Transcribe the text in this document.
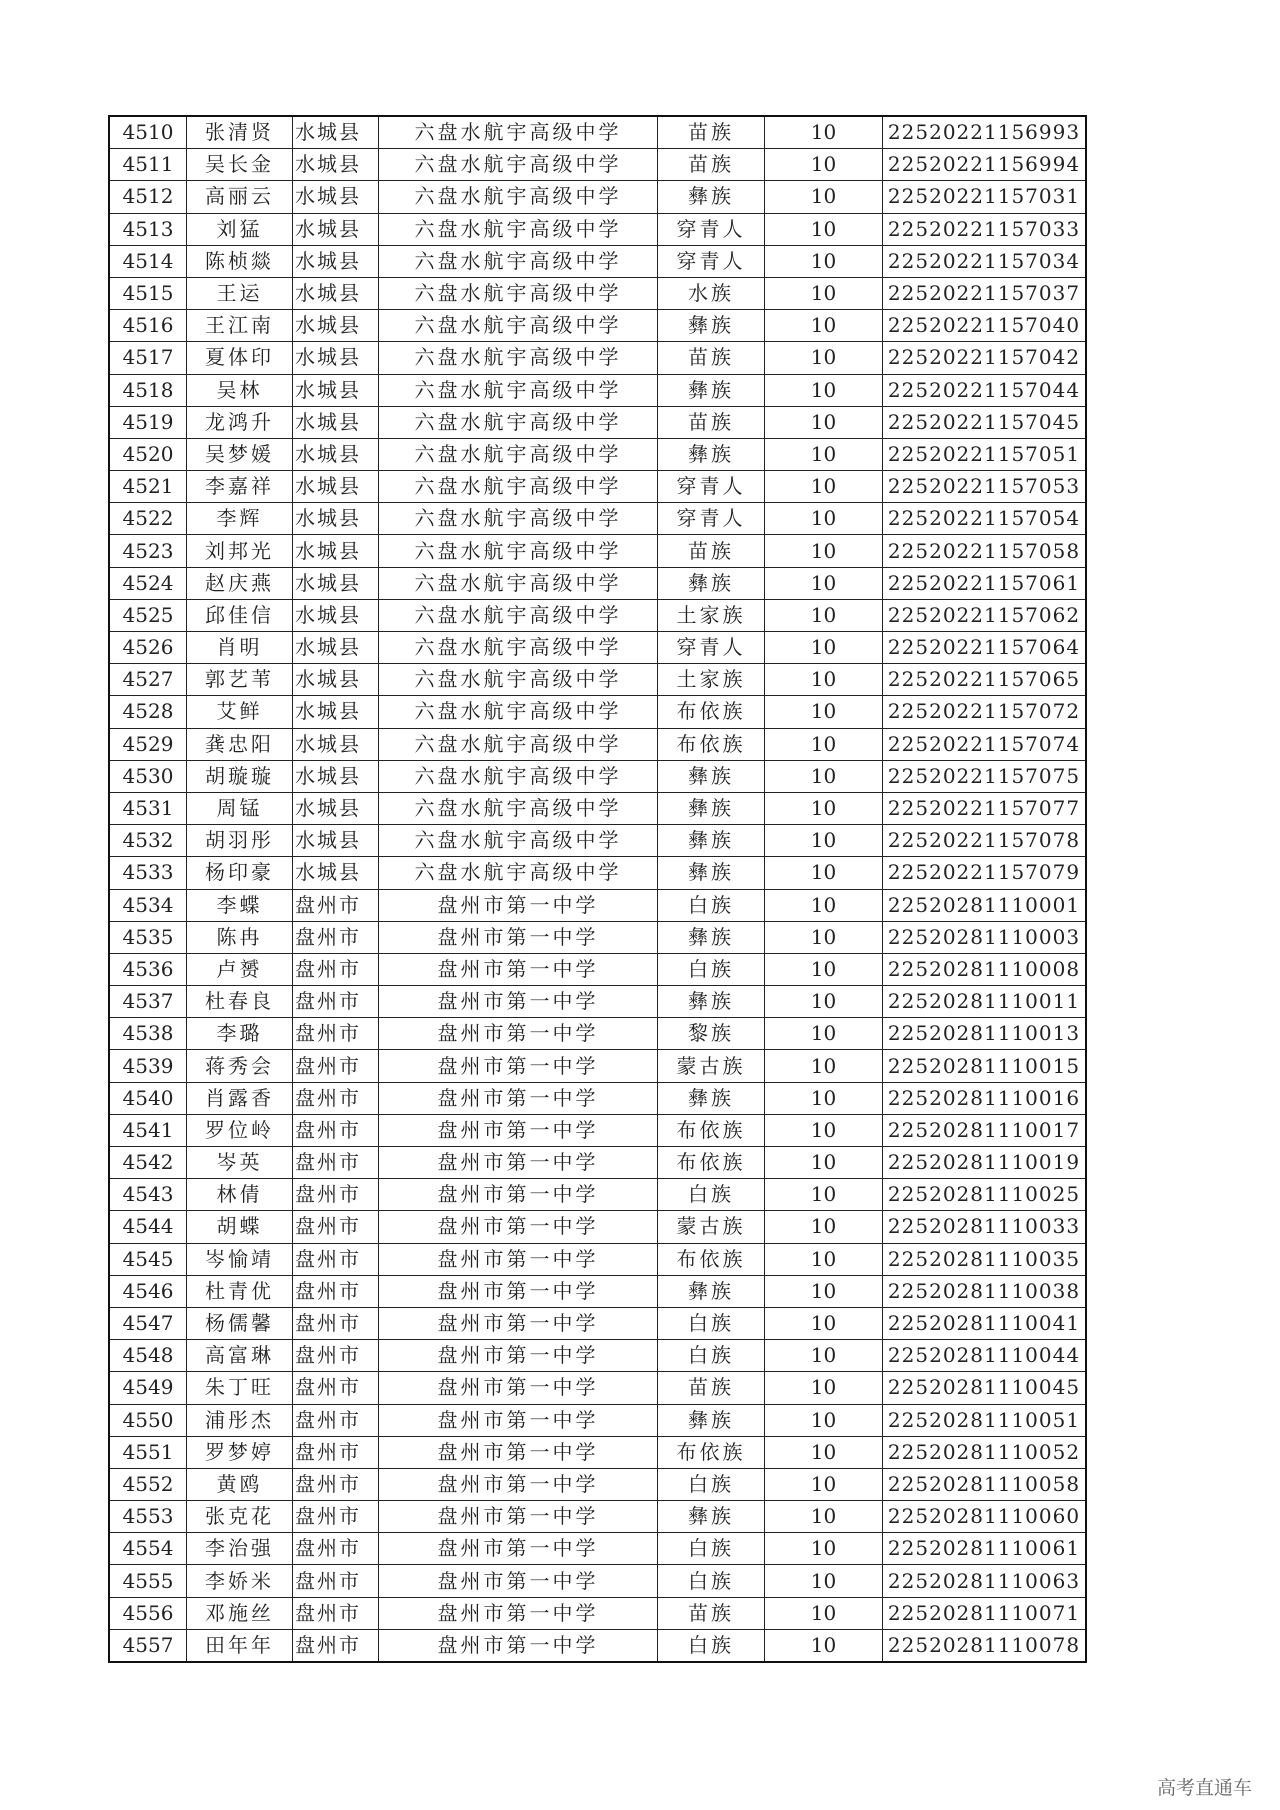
4510	张清贤	水城县	六盘水航宇高级中学	苗族	10	22520221156993
4511	吴长金	水城县	六盘水航宇高级中学	苗族	10	22520221156994
4512	高丽云	水城县	六盘水航宇高级中学	彝族	10	22520221157031
4513	刘猛	水城县	六盘水航宇高级中学	穿青人	10	22520221157033
4514	陈桢燚	水城县	六盘水航宇高级中学	穿青人	10	22520221157034
4515	王运	水城县	六盘水航宇高级中学	水族	10	22520221157037
4516	王江南	水城县	六盘水航宇高级中学	彝族	10	22520221157040
4517	夏体印	水城县	六盘水航宇高级中学	苗族	10	22520221157042
4518	吴林	水城县	六盘水航宇高级中学	彝族	10	22520221157044
4519	龙鸿升	水城县	六盘水航宇高级中学	苗族	10	22520221157045
4520	吴梦媛	水城县	六盘水航宇高级中学	彝族	10	22520221157051
4521	李嘉祥	水城县	六盘水航宇高级中学	穿青人	10	22520221157053
4522	李辉	水城县	六盘水航宇高级中学	穿青人	10	22520221157054
4523	刘邦光	水城县	六盘水航宇高级中学	苗族	10	22520221157058
4524	赵庆燕	水城县	六盘水航宇高级中学	彝族	10	22520221157061
4525	邱佳信	水城县	六盘水航宇高级中学	土家族	10	22520221157062
4526	肖明	水城县	六盘水航宇高级中学	穿青人	10	22520221157064
4527	郭艺苇	水城县	六盘水航宇高级中学	土家族	10	22520221157065
4528	艾鲜	水城县	六盘水航宇高级中学	布依族	10	22520221157072
4529	龚忠阳	水城县	六盘水航宇高级中学	布依族	10	22520221157074
4530	胡璇璇	水城县	六盘水航宇高级中学	彝族	10	22520221157075
4531	周锰	水城县	六盘水航宇高级中学	彝族	10	22520221157077
4532	胡羽彤	水城县	六盘水航宇高级中学	彝族	10	22520221157078
4533	杨印豪	水城县	六盘水航宇高级中学	彝族	10	22520221157079
4534	李蝶	盘州市	盘州市第一中学	白族	10	22520281110001
4535	陈冉	盘州市	盘州市第一中学	彝族	10	22520281110003
4536	卢赟	盘州市	盘州市第一中学	白族	10	22520281110008
4537	杜春良	盘州市	盘州市第一中学	彝族	10	22520281110011
4538	李璐	盘州市	盘州市第一中学	黎族	10	22520281110013
4539	蒋秀会	盘州市	盘州市第一中学	蒙古族	10	22520281110015
4540	肖露香	盘州市	盘州市第一中学	彝族	10	22520281110016
4541	罗位岭	盘州市	盘州市第一中学	布依族	10	22520281110017
4542	岑英	盘州市	盘州市第一中学	布依族	10	22520281110019
4543	林倩	盘州市	盘州市第一中学	白族	10	22520281110025
4544	胡蝶	盘州市	盘州市第一中学	蒙古族	10	22520281110033
4545	岑愉靖	盘州市	盘州市第一中学	布依族	10	22520281110035
4546	杜青优	盘州市	盘州市第一中学	彝族	10	22520281110038
4547	杨儒馨	盘州市	盘州市第一中学	白族	10	22520281110041
4548	高富琳	盘州市	盘州市第一中学	白族	10	22520281110044
4549	朱丁旺	盘州市	盘州市第一中学	苗族	10	22520281110045
4550	浦彤杰	盘州市	盘州市第一中学	彝族	10	22520281110051
4551	罗梦婷	盘州市	盘州市第一中学	布依族	10	22520281110052
4552	黄鸥	盘州市	盘州市第一中学	白族	10	22520281110058
4553	张克花	盘州市	盘州市第一中学	彝族	10	22520281110060
4554	李治强	盘州市	盘州市第一中学	白族	10	22520281110061
4555	李娇米	盘州市	盘州市第一中学	白族	10	22520281110063
4556	邓施丝	盘州市	盘州市第一中学	苗族	10	22520281110071
4557	田年年	盘州市	盘州市第一中学	白族	10	22520281110078
高考直通车
